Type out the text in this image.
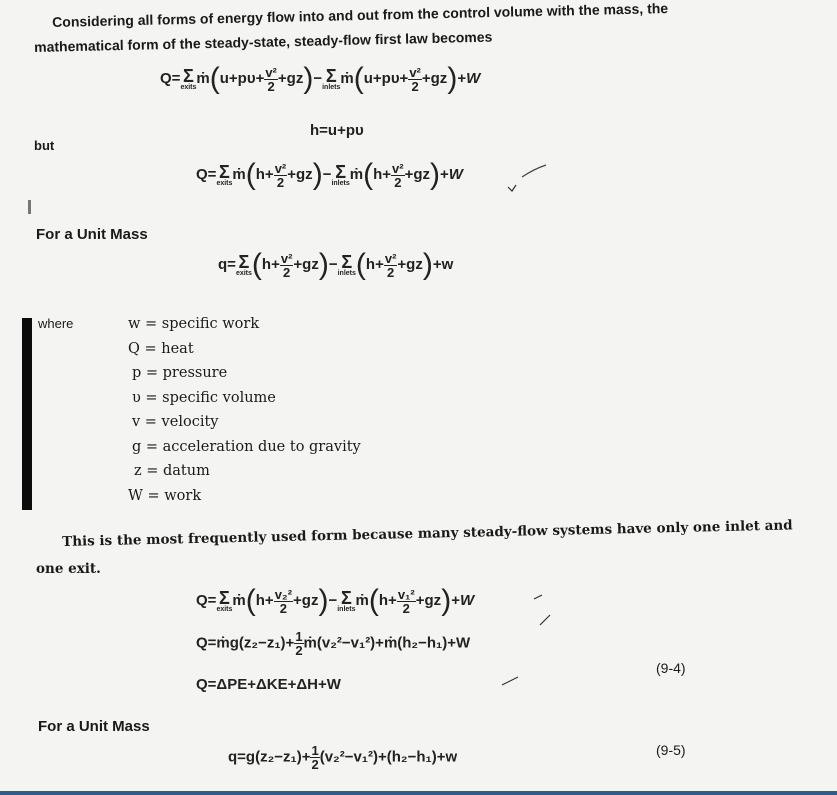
Considering all forms of energy flow into and out from the control volume with the mass, the
mathematical form of the steady-state, steady-flow first law becomes
Q= Σ
exits
ṁ(u+pυ+ $\frac{\text{v²}}{2} +gz)- \Sigma$
inlets
ṁ(u+pυ+ $\frac{\text{v²}}{2} +gz)+W$
h=u+pυ
but
Q= Σ
exits
ṁ(h+ $\frac{\text{v²}}{2} +gz)- \Sigma$
inlets
ṁ(h+ $\frac{\text{v²}}{2} +gz)+W$
For a Unit Mass
q= Σ
exits $(h+ \frac{\text{v²}}{2} +gz)- \Sigma$
inlets $(h+ \frac{\text{v²}}{2} +gz)+w$
where	w = specific work
Q = heat
p = pressure
υ = specific volume
v = velocity
g = acceleration due to gravity
z = datum
W = work
This is the most frequently used form because many steady-flow systems have only one inlet and
one exit.
Q= Σ
exits
ṁ(h+ $\frac{\text{v₂²}}{2} +gz)- \Sigma$
inlets
ṁ(h+ $\frac{\text{v₁²}}{2} +gz)+W$
Q=ṁg(z₂−z₁)+ $\frac{1}{2}$ ṁ(v₂²−v₁²)+ṁ(h₂−h₁)+W
Q=ΔPE+ΔKE+ΔH+W
(9-4)
For a Unit Mass
$q=g(z_2-z_1)+ \frac{1}{2} (v_2^2-v_1^2)+(h_2-h_1)+w$	(9-5)
